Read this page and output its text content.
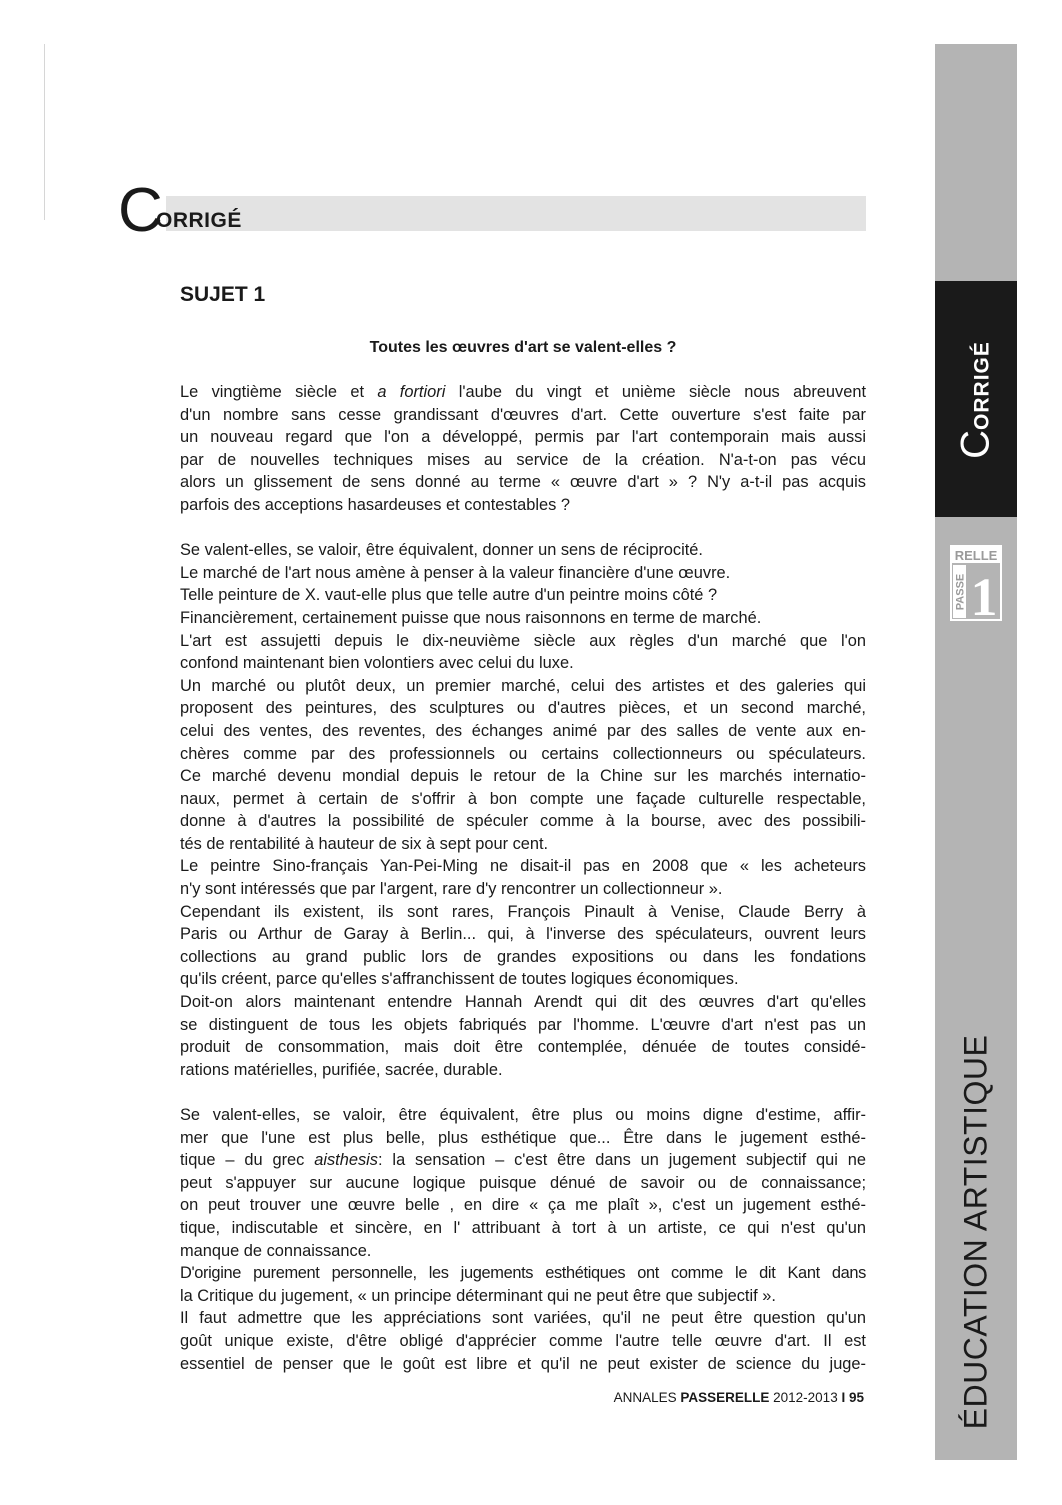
C
ORRIGÉ
SUJET 1
Toutes les œuvres d'art se valent-elles ?
Le vingtième siècle et a fortiori l'aube du vingt et unième siècle nous abreuvent
d'un nombre sans cesse grandissant d'œuvres d'art. Cette ouverture s'est faite par
un nouveau regard que l'on a développé, permis par l'art contemporain mais aussi
par de nouvelles techniques mises au service de la création. N'a-t-on pas vécu
alors un glissement de sens donné au terme « œuvre d'art » ? N'y a-t-il pas acquis
parfois des acceptions hasardeuses et contestables ?
Se valent-elles, se valoir, être équivalent, donner un sens de réciprocité.
Le marché de l'art nous amène à penser à la valeur financière d'une œuvre.
Telle peinture de X. vaut-elle plus que telle autre d'un peintre moins côté ?
Financièrement, certainement puisse que nous raisonnons en terme de marché.
L'art est assujetti depuis le dix-neuvième siècle aux règles d'un marché que l'on
confond maintenant bien volontiers avec celui du luxe.
Un marché ou plutôt deux, un premier marché, celui des artistes et des galeries qui
proposent des peintures, des sculptures ou d'autres pièces, et un second marché,
celui des ventes, des reventes, des échanges animé par des salles de vente aux en-
chères comme par des professionnels ou certains collectionneurs ou spéculateurs.
Ce marché devenu mondial depuis le retour de la Chine sur les marchés internatio-
naux, permet à certain de s'offrir à bon compte une façade culturelle respectable,
donne à d'autres la possibilité de spéculer comme à la bourse, avec des possibili-
tés de rentabilité à hauteur de six à sept pour cent.
Le peintre Sino-français Yan-Pei-Ming ne disait-il pas en 2008 que « les acheteurs
n'y sont intéressés que par l'argent, rare d'y rencontrer un collectionneur ».
Cependant ils existent, ils sont rares, François Pinault à Venise, Claude Berry à
Paris ou Arthur de Garay à Berlin... qui, à l'inverse des spéculateurs, ouvrent leurs
collections au grand public lors de grandes expositions ou dans les fondations
qu'ils créent, parce qu'elles s'affranchissent de toutes logiques économiques.
Doit-on alors maintenant entendre Hannah Arendt qui dit des œuvres d'art qu'elles
se distinguent de tous les objets fabriqués par l'homme. L'œuvre d'art n'est pas un
produit de consommation, mais doit être contemplée, dénuée de toutes considé-
rations matérielles, purifiée, sacrée, durable.
Se valent-elles, se valoir, être équivalent, être plus ou moins digne d'estime, affir-
mer que l'une est plus belle, plus esthétique que... Être dans le jugement esthé-
tique – du grec aisthesis: la sensation – c'est être dans un jugement subjectif qui ne
peut s'appuyer sur aucune logique puisque dénué de savoir ou de connaissance;
on peut trouver une œuvre belle , en dire « ça me plaît », c'est un jugement esthé-
tique, indiscutable et sincère, en l' attribuant à tort à un artiste, ce qui n'est qu'un
manque de connaissance.
D'origine purement personnelle, les jugements esthétiques ont comme le dit Kant dans
la Critique du jugement, « un principe déterminant qui ne peut être que subjectif ».
Il faut admettre que les appréciations sont variées, qu'il ne peut être question qu'un
goût unique existe, d'être obligé d'apprécier comme l'autre telle œuvre d'art. Il est
essentiel de penser que le goût est libre et qu'il ne peut exister de science du juge-
ANNALES PASSERELLE 2012-2013 I 95
CORRIGÉ
RELLE
PASSE 1
ÉDUCATION ARTISTIQUE
